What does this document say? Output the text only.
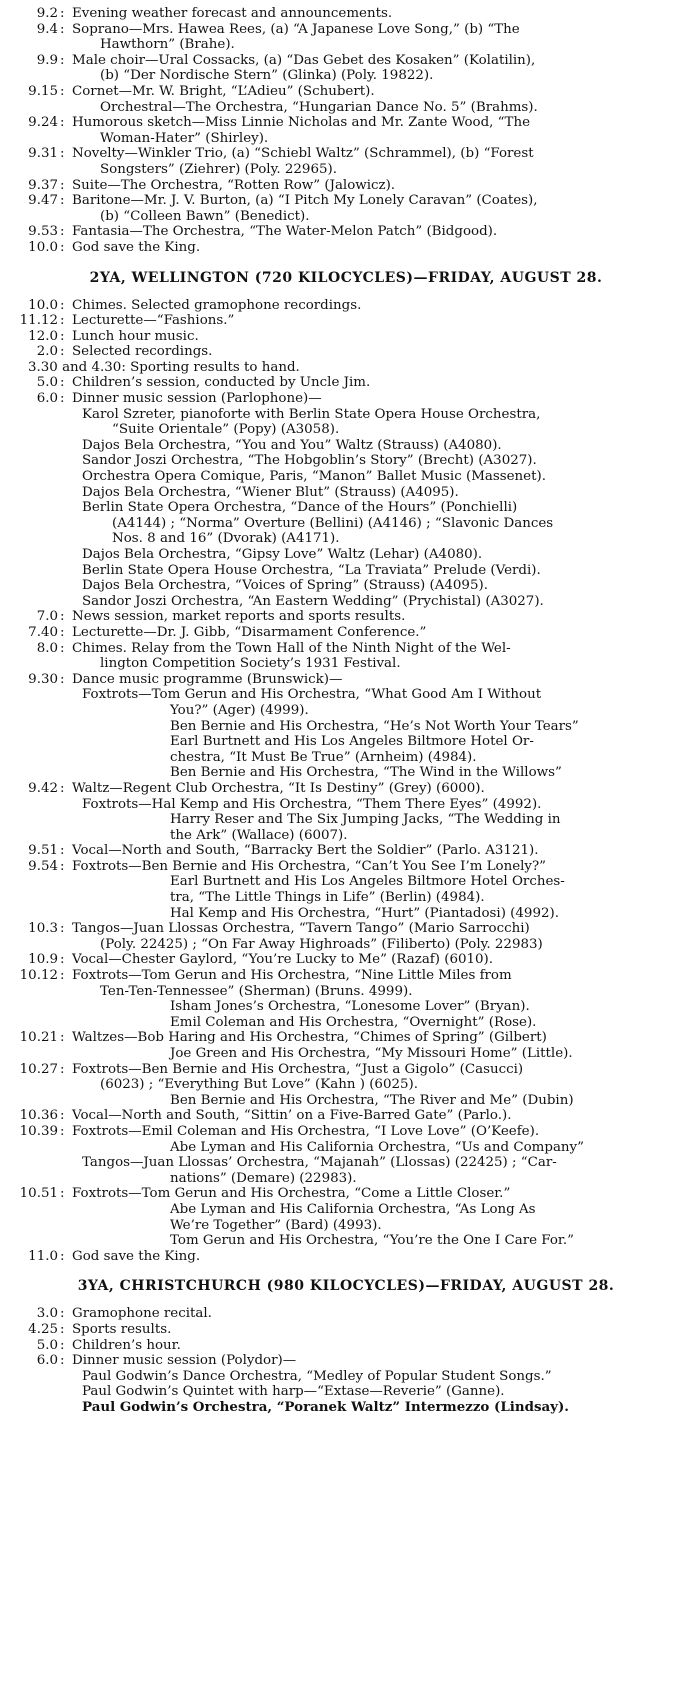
9.2 : Evening weather forecast and announcements.
9.4 : Soprano—Mrs. Hawea Rees, (a) “A Japanese Love Song,” (b) “The
Hawthorn” (Brahe).
9.9 : Male choir—Ural Cossacks, (a) “Das Gebet des Kosaken” (Kolatilin),
(b) “Der Nordische Stern” (Glinka) (Poly. 19822).
9.15 : Cornet—Mr. W. Bright, “L’Adieu” (Schubert).
Orchestral—The Orchestra, “Hungarian Dance No. 5” (Brahms).
9.24 : Humorous sketch—Miss Linnie Nicholas and Mr. Zante Wood, “The
Woman-Hater” (Shirley).
9.31 : Novelty—Winkler Trio, (a) “Schiebl Waltz” (Schrammel), (b) “Forest
Songsters” (Ziehrer) (Poly. 22965).
9.37 : Suite—The Orchestra, “Rotten Row” (Jalowicz).
9.47 : Baritone—Mr. J. V. Burton, (a) “I Pitch My Lonely Caravan” (Coates),
(b) “Colleen Bawn” (Benedict).
9.53 : Fantasia—The Orchestra, “The Water-Melon Patch” (Bidgood).
10.0 : God save the King.
2YA, WELLINGTON (720 KILOCYCLES)—FRIDAY, AUGUST 28.
10.0 : Chimes. Selected gramophone recordings.
11.12 : Lecturette—“Fashions.”
12.0 : Lunch hour music.
2.0 : Selected recordings.
3.30 and 4.30: Sporting results to hand.
5.0 : Children’s session, conducted by Uncle Jim.
6.0 : Dinner music session (Parlophone)—
Karol Szreter, pianoforte with Berlin State Opera House Orchestra,
“Suite Orientale” (Popy) (A3058).
Dajos Bela Orchestra, “You and You” Waltz (Strauss) (A4080).
Sandor Joszi Orchestra, “The Hobgoblin’s Story” (Brecht) (A3027).
Orchestra Opera Comique, Paris, “Manon” Ballet Music (Massenet).
Dajos Bela Orchestra, “Wiener Blut” (Strauss) (A4095).
Berlin State Opera Orchestra, “Dance of the Hours” (Ponchielli)
(A4144) ; “Norma” Overture (Bellini) (A4146) ; “Slavonic Dances
Nos. 8 and 16” (Dvorak) (A4171).
Dajos Bela Orchestra, “Gipsy Love” Waltz (Lehar) (A4080).
Berlin State Opera House Orchestra, “La Traviata” Prelude (Verdi).
Dajos Bela Orchestra, “Voices of Spring” (Strauss) (A4095).
Sandor Joszi Orchestra, “An Eastern Wedding” (Prychistal) (A3027).
7.0 : News session, market reports and sports results.
7.40 : Lecturette—Dr. J. Gibb, “Disarmament Conference.”
8.0 : Chimes. Relay from the Town Hall of the Ninth Night of the Wel-
lington Competition Society’s 1931 Festival.
9.30 : Dance music programme (Brunswick)—
Foxtrots—Tom Gerun and His Orchestra, “What Good Am I Without
You?” (Ager) (4999).
Ben Bernie and His Orchestra, “He’s Not Worth Your Tears”
Earl Burtnett and His Los Angeles Biltmore Hotel Or-
chestra, “It Must Be True” (Arnheim) (4984).
Ben Bernie and His Orchestra, “The Wind in the Willows”
9.42 : Waltz—Regent Club Orchestra, “It Is Destiny” (Grey) (6000).
Foxtrots—Hal Kemp and His Orchestra, “Them There Eyes” (4992).
Harry Reser and The Six Jumping Jacks, “The Wedding in
the Ark” (Wallace) (6007).
9.51 : Vocal—North and South, “Barracky Bert the Soldier” (Parlo. A3121).
9.54 : Foxtrots—Ben Bernie and His Orchestra, “Can’t You See I’m Lonely?”
Earl Burtnett and His Los Angeles Biltmore Hotel Orches-
tra, “The Little Things in Life” (Berlin) (4984).
Hal Kemp and His Orchestra, “Hurt” (Piantadosi) (4992).
10.3 : Tangos—Juan Llossas Orchestra, “Tavern Tango” (Mario Sarrocchi)
(Poly. 22425) ; “On Far Away Highroads” (Filiberto) (Poly. 22983)
10.9 : Vocal—Chester Gaylord, “You’re Lucky to Me” (Razaf) (6010).
10.12 : Foxtrots—Tom Gerun and His Orchestra, “Nine Little Miles from
Ten-Ten-Tennessee” (Sherman) (Bruns. 4999).
Isham Jones’s Orchestra, “Lonesome Lover” (Bryan).
Emil Coleman and His Orchestra, “Overnight” (Rose).
10.21 : Waltzes—Bob Haring and His Orchestra, “Chimes of Spring” (Gilbert)
Joe Green and His Orchestra, “My Missouri Home” (Little).
10.27 : Foxtrots—Ben Bernie and His Orchestra, “Just a Gigolo” (Casucci)
(6023) ; “Everything But Love” (Kahn ) (6025).
Ben Bernie and His Orchestra, “The River and Me” (Dubin)
10.36 : Vocal—North and South, “Sittin’ on a Five-Barred Gate” (Parlo.).
10.39 : Foxtrots—Emil Coleman and His Orchestra, “I Love Love” (O’Keefe).
Abe Lyman and His California Orchestra, “Us and Company”
Tangos—Juan Llossas’ Orchestra, “Majanah” (Llossas) (22425) ; “Car-
nations” (Demare) (22983).
10.51 : Foxtrots—Tom Gerun and His Orchestra, “Come a Little Closer.”
Abe Lyman and His California Orchestra, “As Long As
We’re Together” (Bard) (4993).
Tom Gerun and His Orchestra, “You’re the One I Care For.”
11.0 : God save the King.
3YA, CHRISTCHURCH (980 KILOCYCLES)—FRIDAY, AUGUST 28.
3.0 : Gramophone recital.
4.25 : Sports results.
5.0 : Children’s hour.
6.0 : Dinner music session (Polydor)—
Paul Godwin’s Dance Orchestra, “Medley of Popular Student Songs.”
Paul Godwin’s Quintet with harp—“Extase—Reverie” (Ganne).
Paul Godwin’s Orchestra, “Poranek Waltz” Intermezzo (Lindsay).
